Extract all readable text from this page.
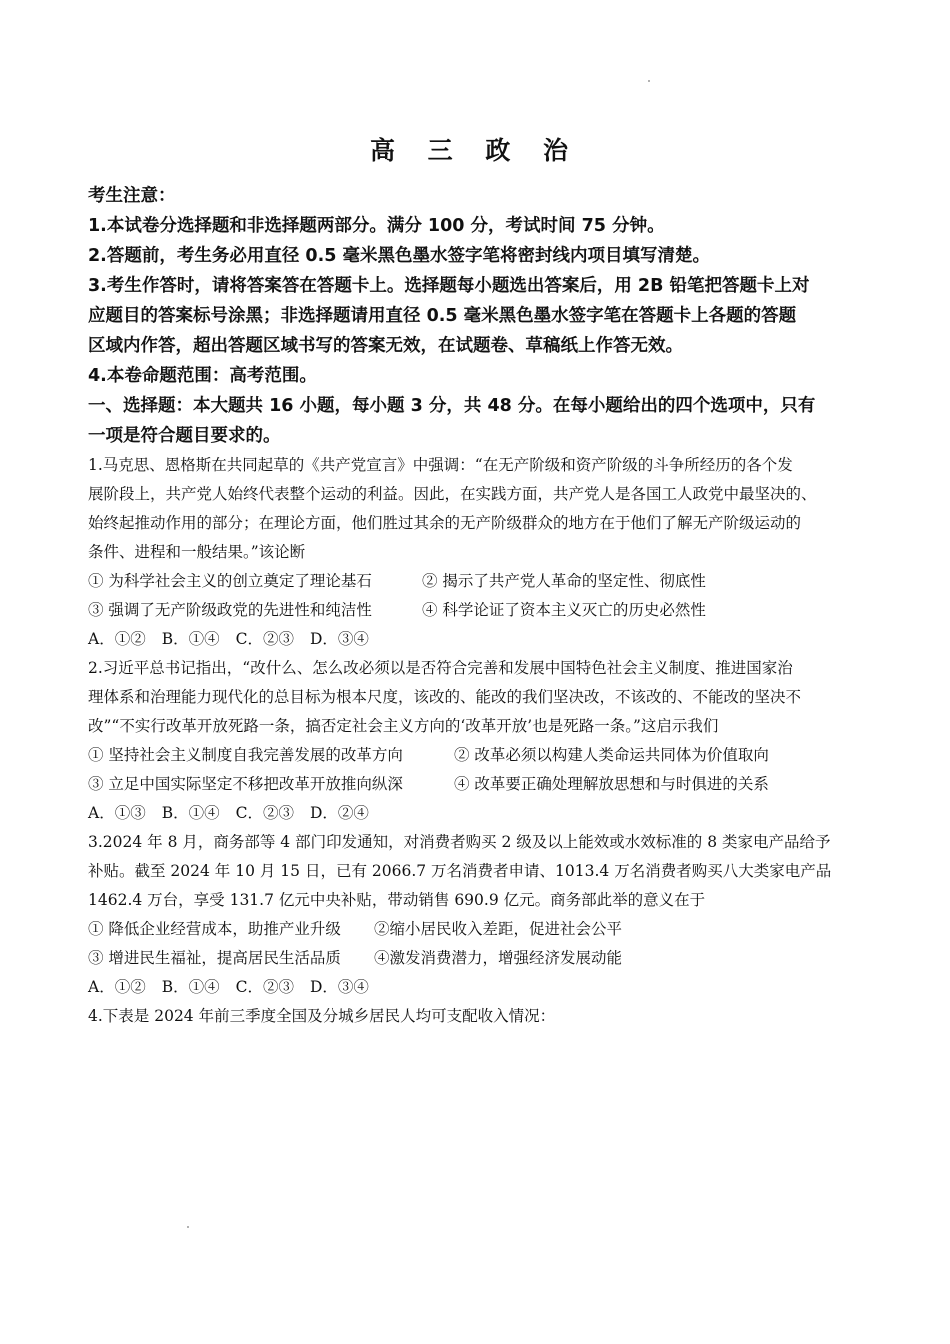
高 三 政 治
考生注意：
1.本试卷分选择题和非选择题两部分。满分 100 分，考试时间 75 分钟。
2.答题前，考生务必用直径 0.5 毫米黑色墨水签字笔将密封线内项目填写清楚。
3.考生作答时，请将答案答在答题卡上。选择题每小题选出答案后，用 2B 铅笔把答题卡上对
应题目的答案标号涂黑；非选择题请用直径 0.5 毫米黑色墨水签字笔在答题卡上各题的答题
区域内作答，超出答题区域书写的答案无效，在试题卷、草稿纸上作答无效。
4.本卷命题范围：高考范围。
一、选择题：本大题共 16 小题，每小题 3 分，共 48 分。在每小题给出的四个选项中，只有
一项是符合题目要求的。
1.马克思、恩格斯在共同起草的《共产党宣言》中强调：“在无产阶级和资产阶级的斗争所经历的各个发
展阶段上，共产党人始终代表整个运动的利益。因此，在实践方面，共产党人是各国工人政党中最坚决的、
始终起推动作用的部分；在理论方面，他们胜过其余的无产阶级群众的地方在于他们了解无产阶级运动的
条件、进程和一般结果。”该论断
① 为科学社会主义的创立奠定了理论基石	② 揭示了共产党人革命的坚定性、彻底性
③ 强调了无产阶级政党的先进性和纯洁性	④ 科学论证了资本主义灭亡的历史必然性
A．①② B．①④ C．②③ D．③④
2.习近平总书记指出，“改什么、怎么改必须以是否符合完善和发展中国特色社会主义制度、推进国家治
理体系和治理能力现代化的总目标为根本尺度，该改的、能改的我们坚决改，不该改的、不能改的坚决不
改”“不实行改革开放死路一条，搞否定社会主义方向的‘改革开放’也是死路一条。”这启示我们
① 坚持社会主义制度自我完善发展的改革方向	② 改革必须以构建人类命运共同体为价值取向
③ 立足中国实际坚定不移把改革开放推向纵深	④ 改革要正确处理解放思想和与时俱进的关系
A．①③ B．①④ C．②③ D．②④
3.2024 年 8 月，商务部等 4 部门印发通知，对消费者购买 2 级及以上能效或水效标准的 8 类家电产品给予
补贴。截至 2024 年 10 月 15 日，已有 2066.7 万名消费者申请、1013.4 万名消费者购买八大类家电产品
1462.4 万台，享受 131.7 亿元中央补贴，带动销售 690.9 亿元。商务部此举的意义在于
① 降低企业经营成本，助推产业升级	②缩小居民收入差距，促进社会公平
③ 增进民生福祉，提高居民生活品质	④激发消费潜力，增强经济发展动能
A．①② B．①④ C．②③ D．③④
4.下表是 2024 年前三季度全国及分城乡居民人均可支配收入情况：
